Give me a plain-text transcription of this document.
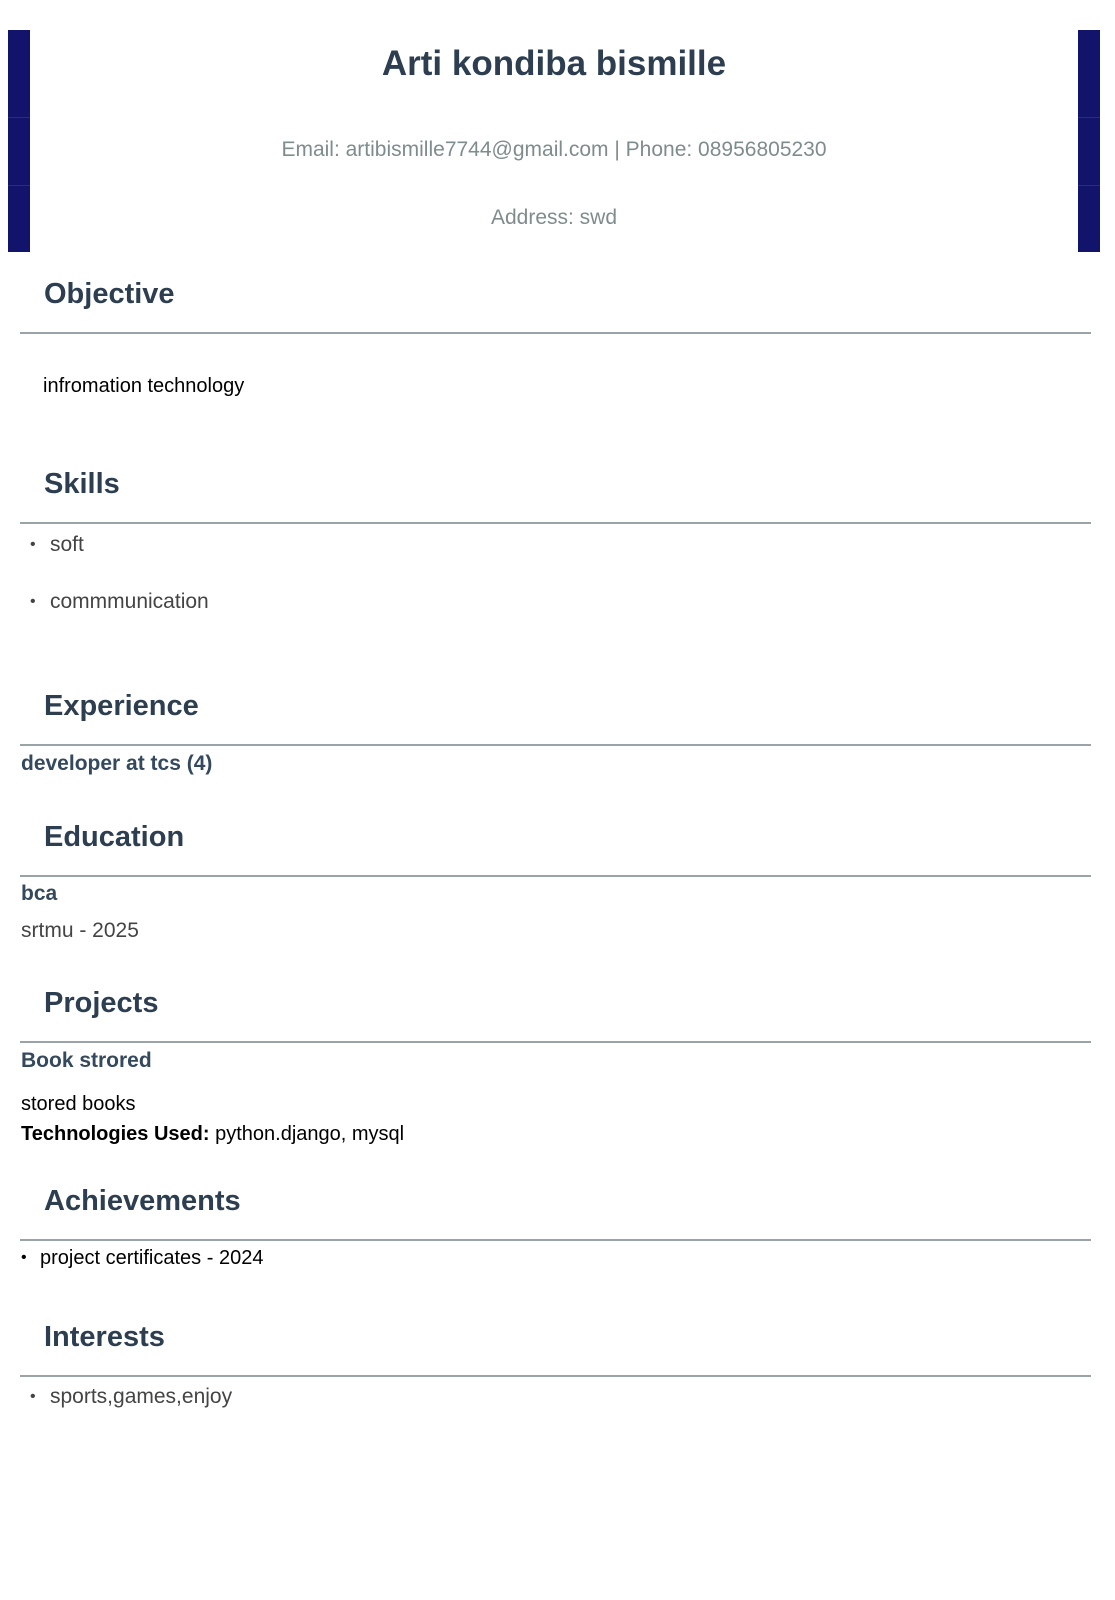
Arti kondiba bismille
Email: artibismille7744@gmail.com | Phone: 08956805230
Address: swd
Objective
infromation technology
Skills
• soft
• commmunication
Experience
developer at tcs (4)
Education
bca
srtmu - 2025
Projects
Book strored
stored books
Technologies Used: python.django, mysql
Achievements
• project certificates - 2024
Interests
• sports,games,enjoy
